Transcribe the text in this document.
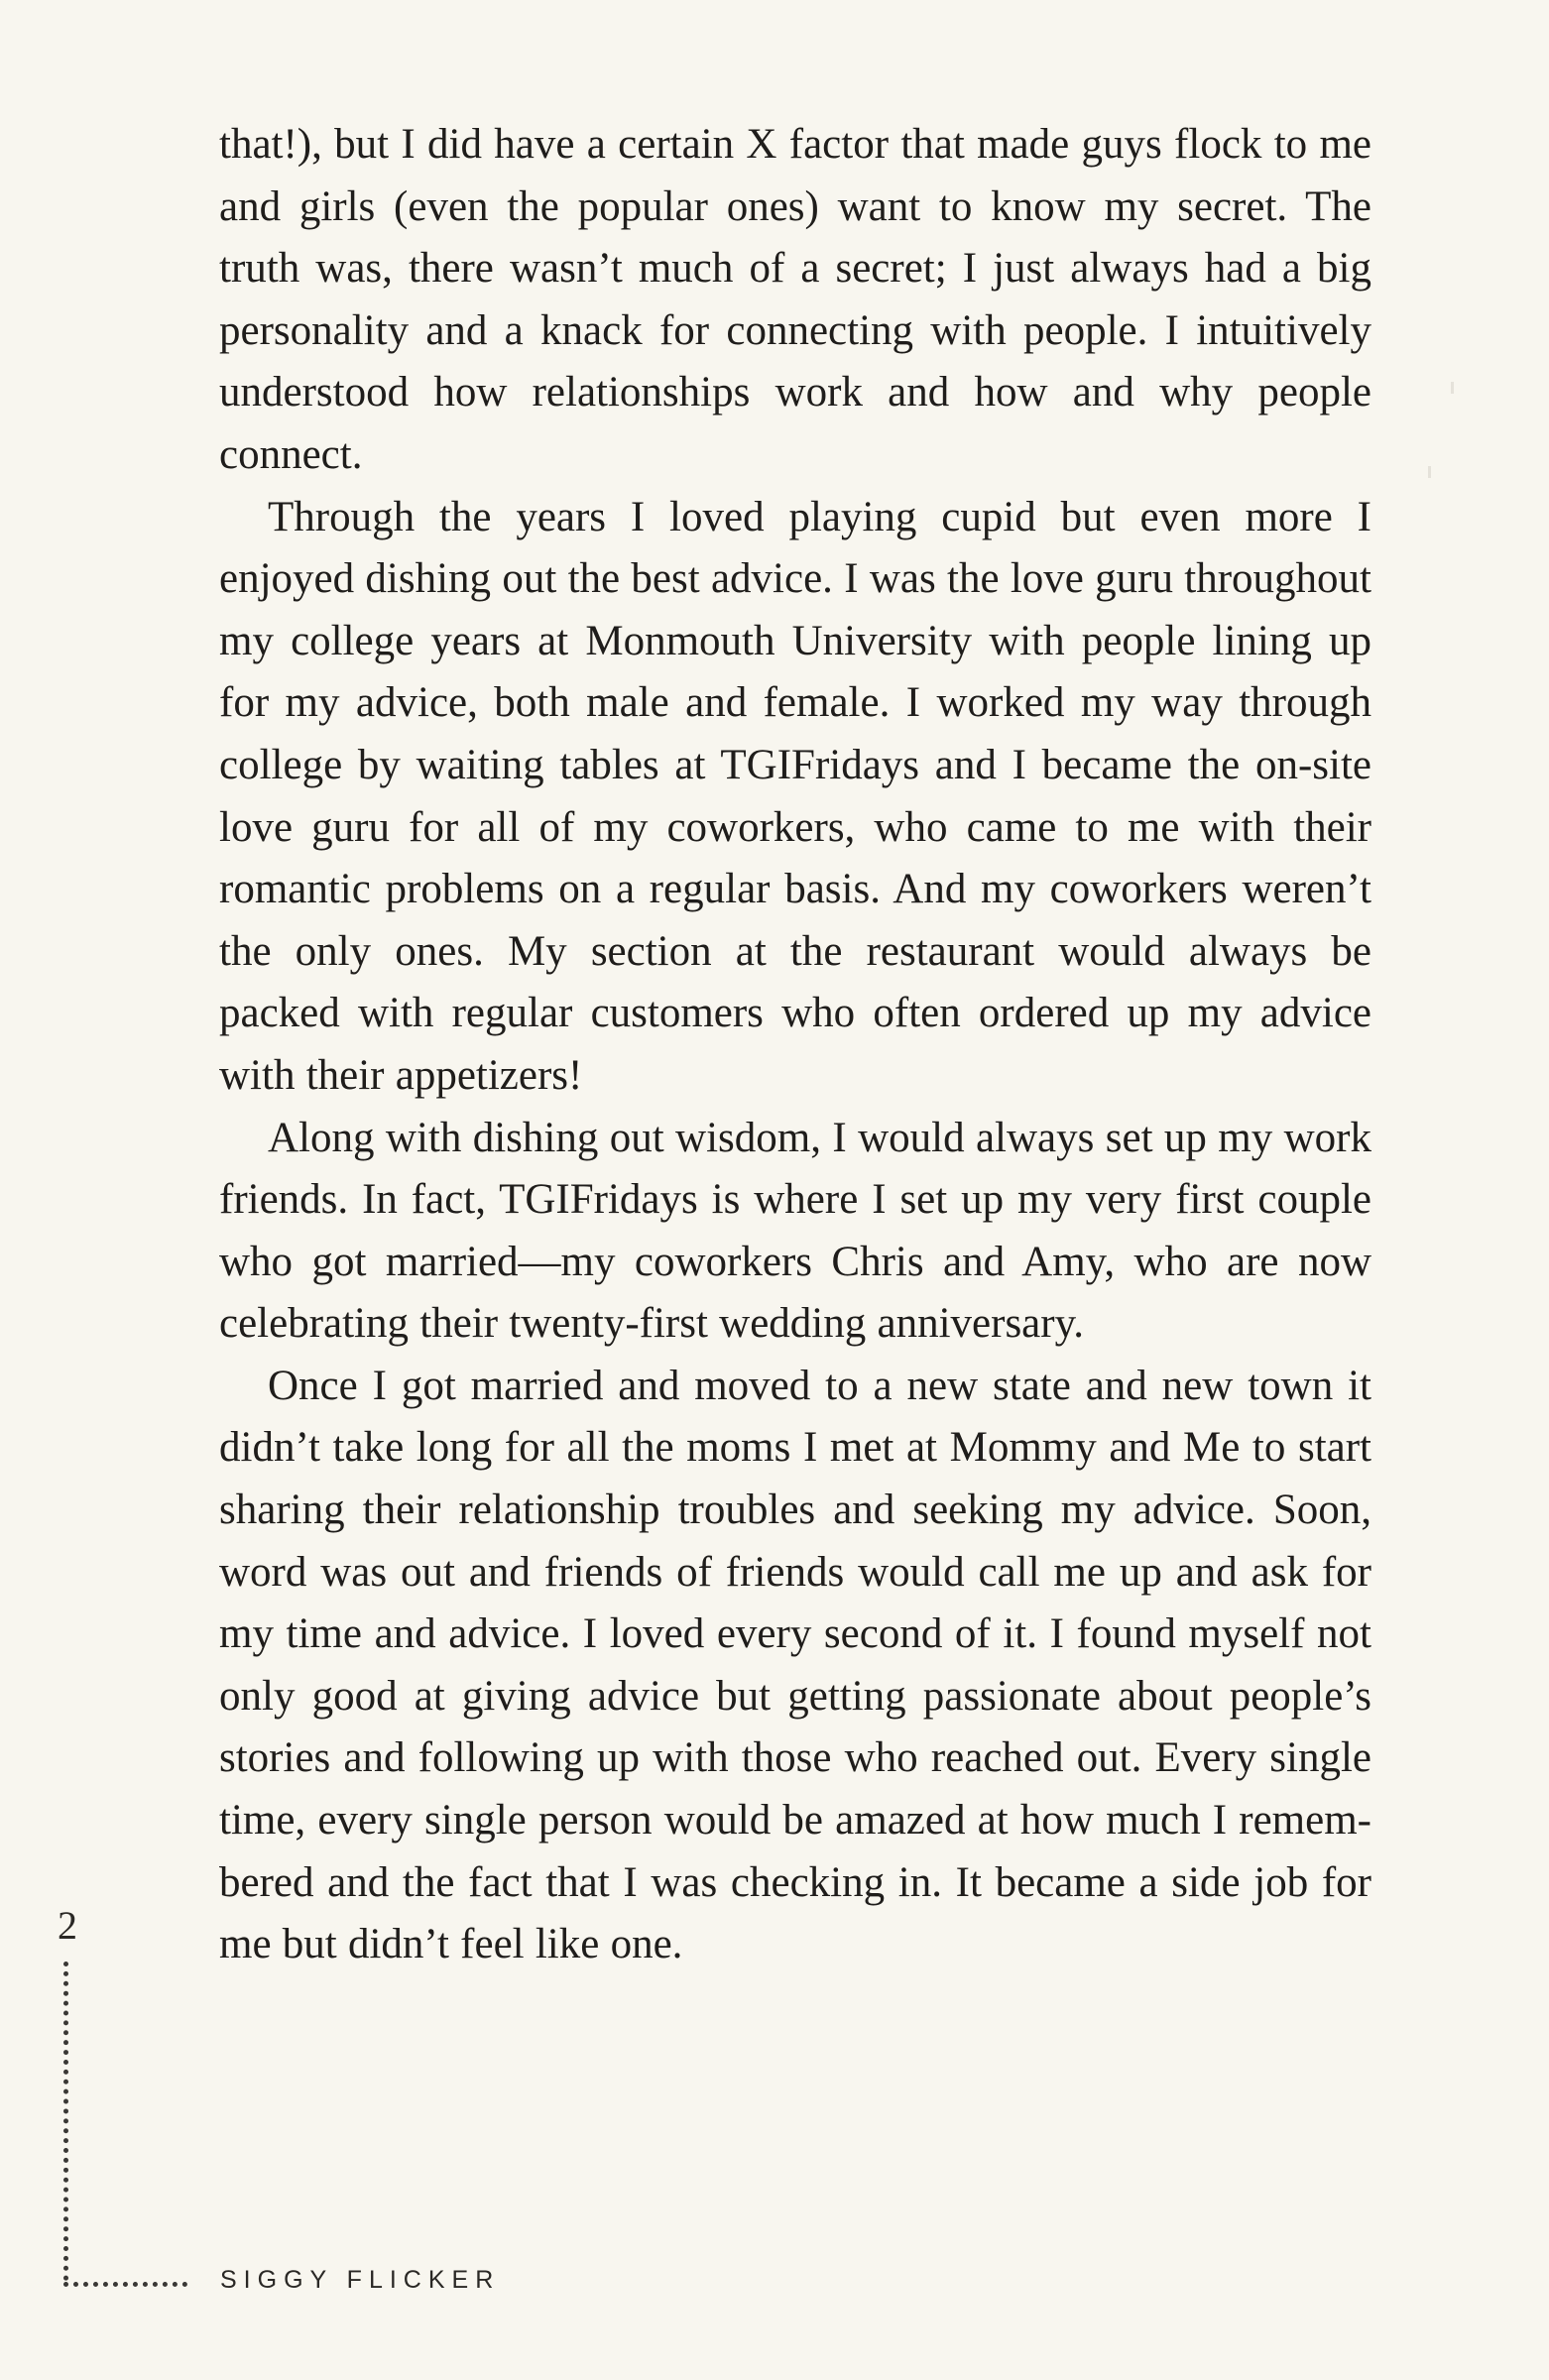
that!), but I did have a certain X factor that made guys flock to me and girls (even the popular ones) want to know my secret. The truth was, there wasn’t much of a secret; I just always had a big personality and a knack for connecting with people. I intuitively understood how relationships work and how and why people connect.

Through the years I loved playing cupid but even more I enjoyed dishing out the best advice. I was the love guru throughout my college years at Monmouth University with people lining up for my advice, both male and female. I worked my way through college by waiting tables at TGIFridays and I became the on-site love guru for all of my coworkers, who came to me with their romantic problems on a regular basis. And my coworkers weren’t the only ones. My section at the restaurant would always be packed with regular customers who often ordered up my advice with their appetizers!

Along with dishing out wisdom, I would always set up my work friends. In fact, TGIFridays is where I set up my very first couple who got married—my coworkers Chris and Amy, who are now celebrating their twenty-first wedding anniversary.

Once I got married and moved to a new state and new town it didn’t take long for all the moms I met at Mommy and Me to start sharing their relationship troubles and seeking my advice. Soon, word was out and friends of friends would call me up and ask for my time and advice. I loved every second of it. I found myself not only good at giving advice but getting passionate about people’s stories and following up with those who reached out. Every single time, every single person would be amazed at how much I remembered and the fact that I was checking in. It became a side job for me but didn’t feel like one.

2
SIGGY FLICKER
